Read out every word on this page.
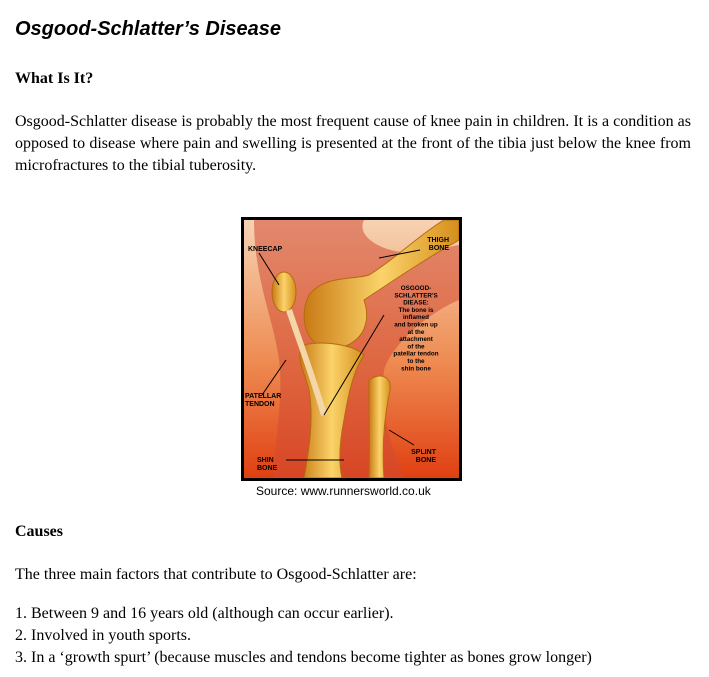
Osgood-Schlatter’s Disease
What Is It?

Osgood-Schlatter disease is probably the most frequent cause of knee pain in children. It is a condition as opposed to disease where pain and swelling is presented at the front of the tibia just below the knee from microfractures to the tibial tuberosity.

KNEECAP
THIGH
BONE
PATELLAR
TENDON
SPLINT
BONE
SHIN
BONE
OSGOOD-
SCHLATTER'S
DIEASE:
The bone is
inflamed
and broken up
at the
attachment
of the
patellar tendon
to the
shin bone
Source: www.runnersworld.co.uk
Causes

The three main factors that contribute to Osgood-Schlatter are:

1. Between 9 and 16 years old (although can occur earlier).
2. Involved in youth sports.
3. In a ‘growth spurt’ (because muscles and tendons become tighter as bones grow longer)
